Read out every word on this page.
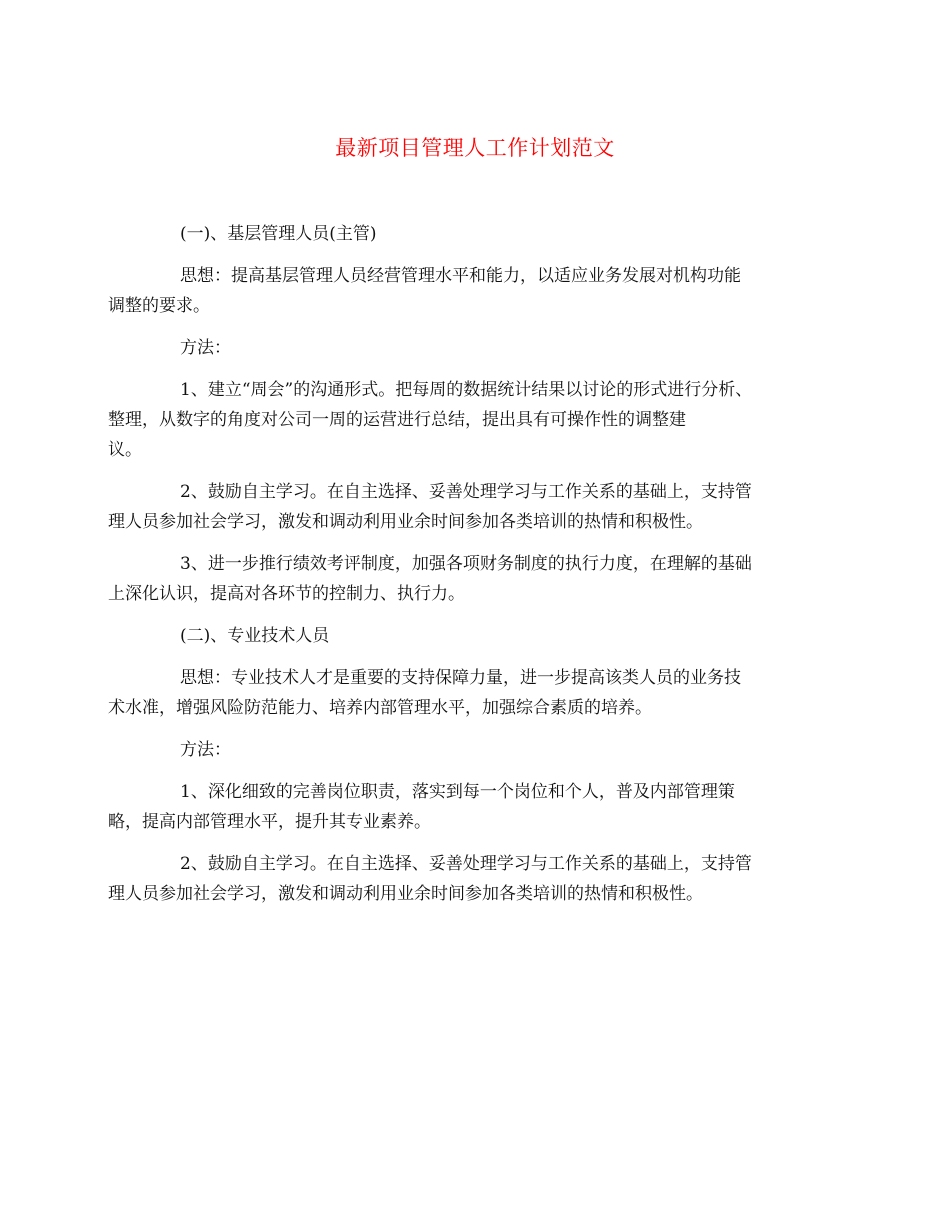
最新项目管理人工作计划范文

(一)、基层管理人员(主管)

思想：提高基层管理人员经营管理水平和能力，以适应业务发展对机构功能
调整的要求。

方法：

1、建立“周会”的沟通形式。把每周的数据统计结果以讨论的形式进行分析、
整理，从数字的角度对公司一周的运营进行总结，提出具有可操作性的调整建
议。

2、鼓励自主学习。在自主选择、妥善处理学习与工作关系的基础上，支持管
理人员参加社会学习，激发和调动利用业余时间参加各类培训的热情和积极性。

3、进一步推行绩效考评制度，加强各项财务制度的执行力度，在理解的基础
上深化认识，提高对各环节的控制力、执行力。

(二)、专业技术人员

思想：专业技术人才是重要的支持保障力量，进一步提高该类人员的业务技
术水准，增强风险防范能力、培养内部管理水平，加强综合素质的培养。

方法：

1、深化细致的完善岗位职责，落实到每一个岗位和个人，普及内部管理策
略，提高内部管理水平，提升其专业素养。

2、鼓励自主学习。在自主选择、妥善处理学习与工作关系的基础上，支持管
理人员参加社会学习，激发和调动利用业余时间参加各类培训的热情和积极性。
